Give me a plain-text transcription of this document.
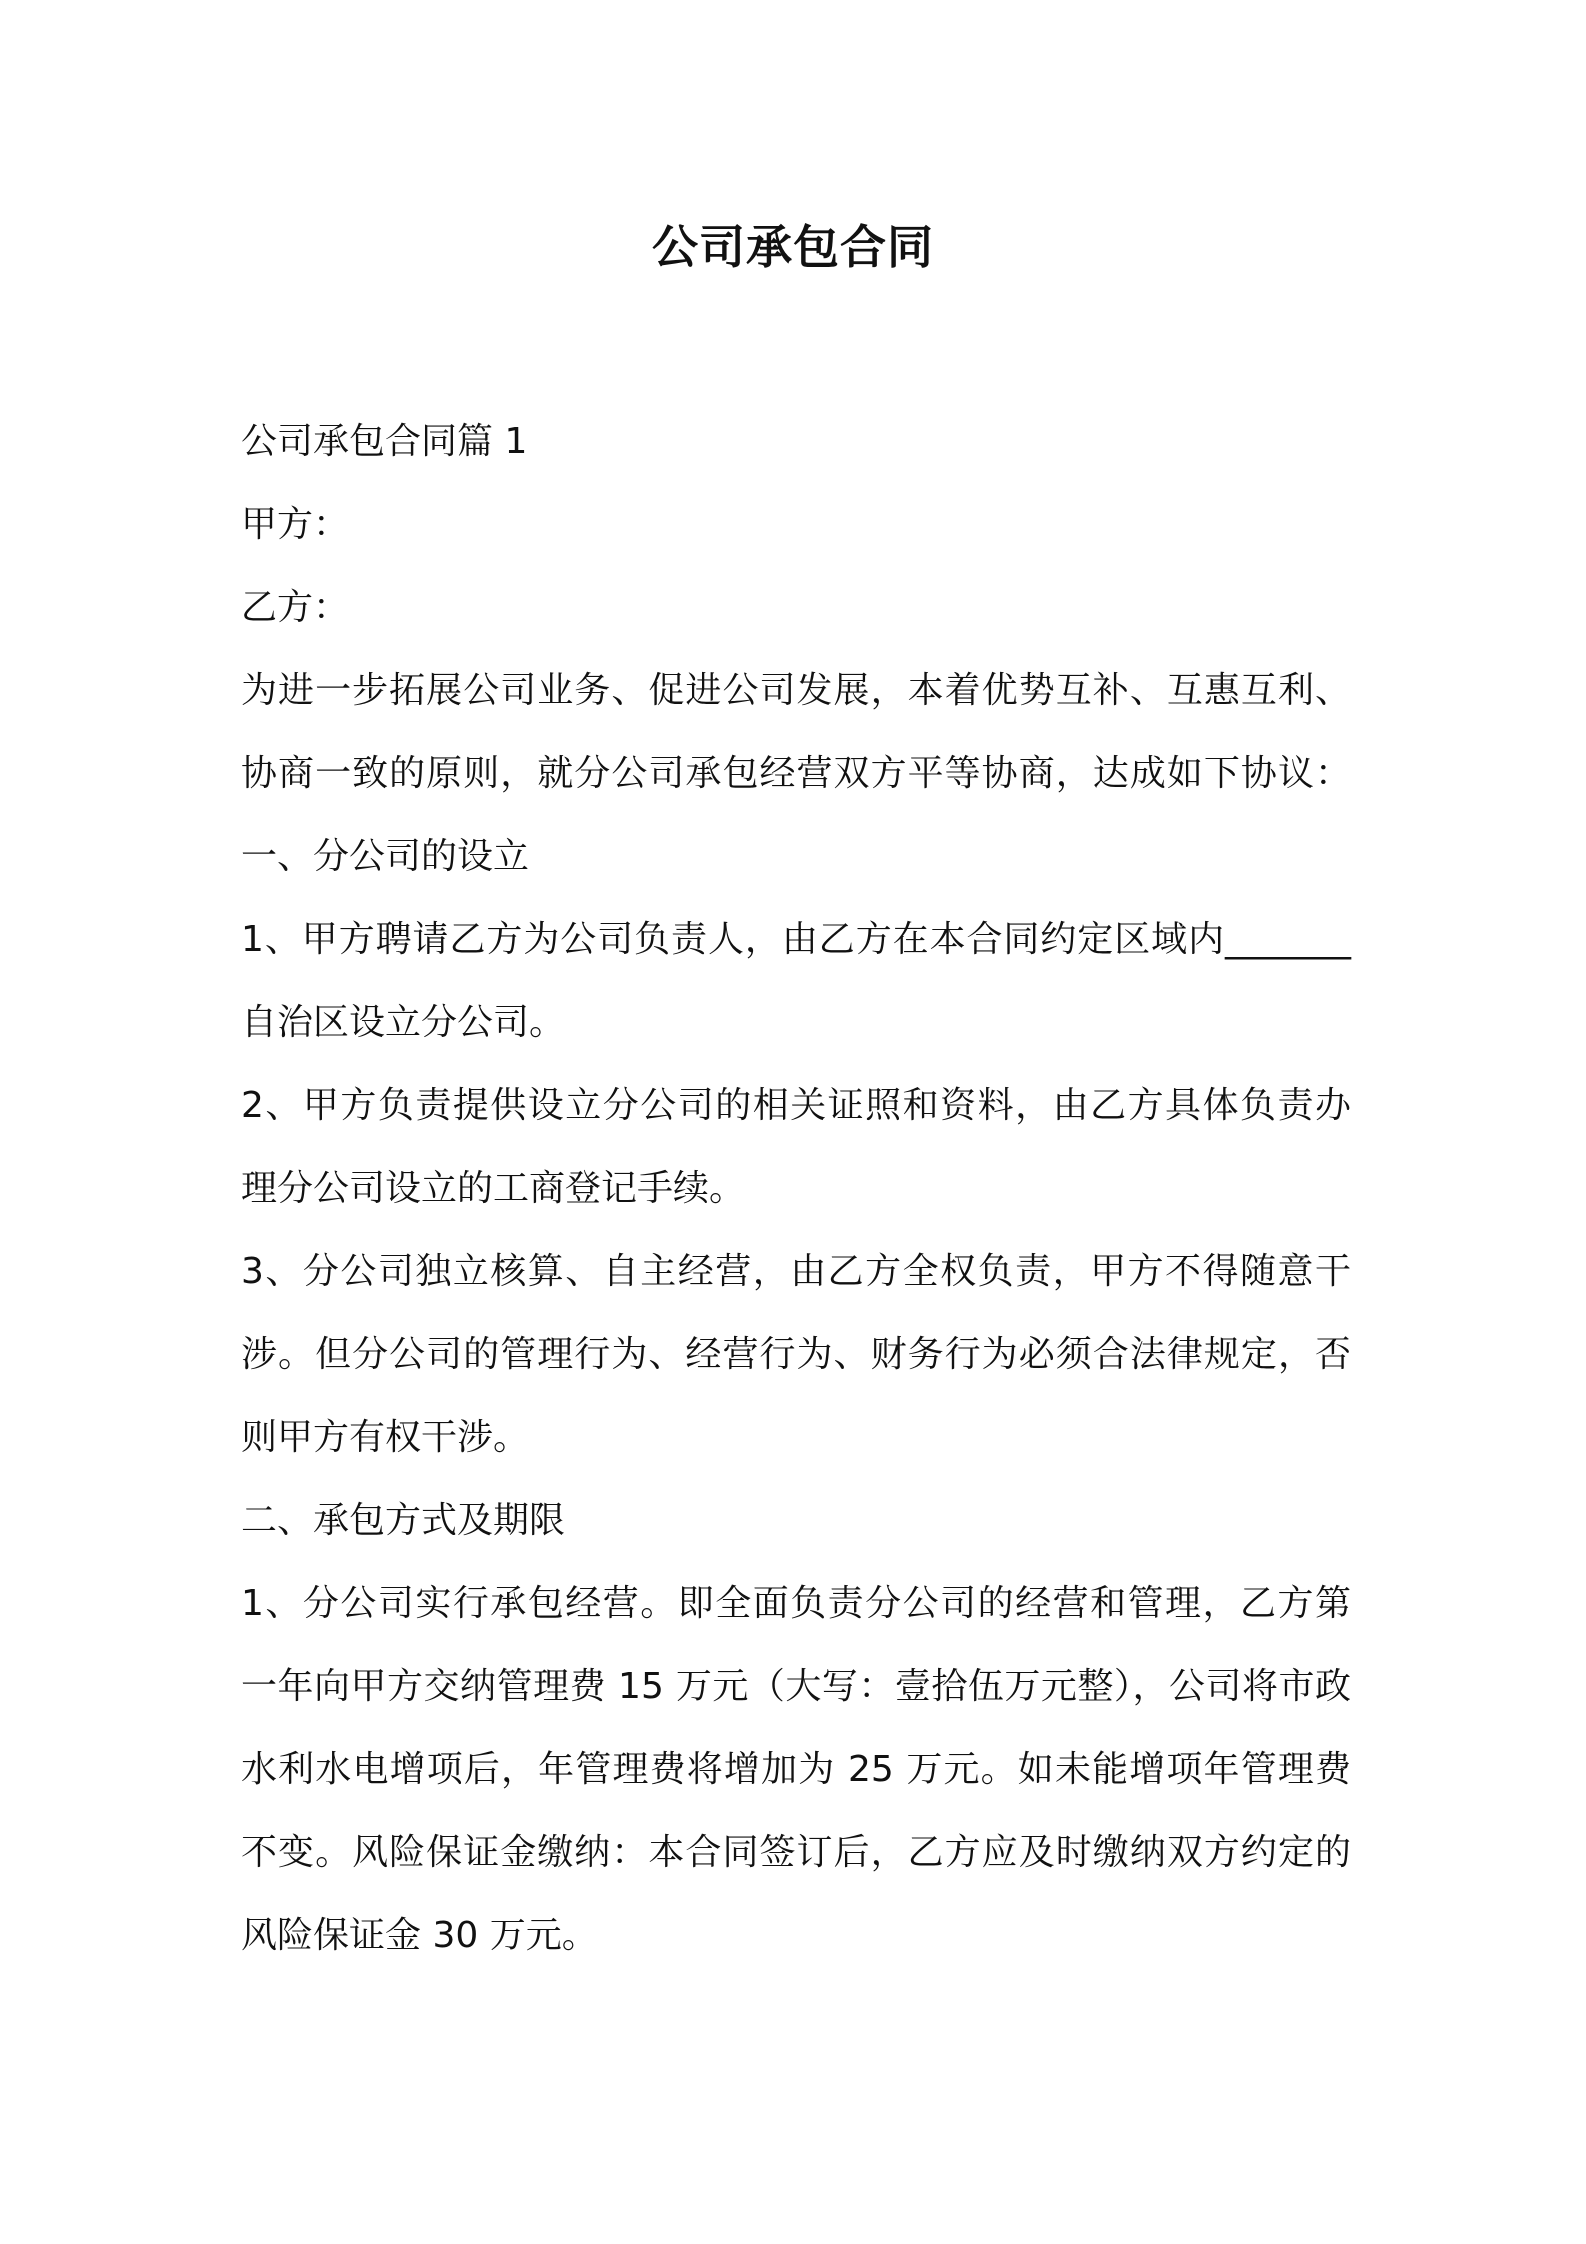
公司承包合同
公司承包合同篇 1
甲方：
乙方：
为进一步拓展公司业务、促进公司发展，本着优势互补、互惠互利、
协商一致的原则，就分公司承包经营双方平等协商，达成如下协议：
一、分公司的设立
1、甲方聘请乙方为公司负责人，由乙方在本合同约定区域内_______
自治区设立分公司。
2、甲方负责提供设立分公司的相关证照和资料，由乙方具体负责办
理分公司设立的工商登记手续。
3、分公司独立核算、自主经营，由乙方全权负责，甲方不得随意干
涉。但分公司的管理行为、经营行为、财务行为必须合法律规定，否
则甲方有权干涉。
二、承包方式及期限
1、分公司实行承包经营。即全面负责分公司的经营和管理，乙方第
一年向甲方交纳管理费 15 万元（大写：壹拾伍万元整），公司将市政
水利水电增项后，年管理费将增加为 25 万元。如未能增项年管理费
不变。风险保证金缴纳：本合同签订后，乙方应及时缴纳双方约定的
风险保证金 30 万元。
